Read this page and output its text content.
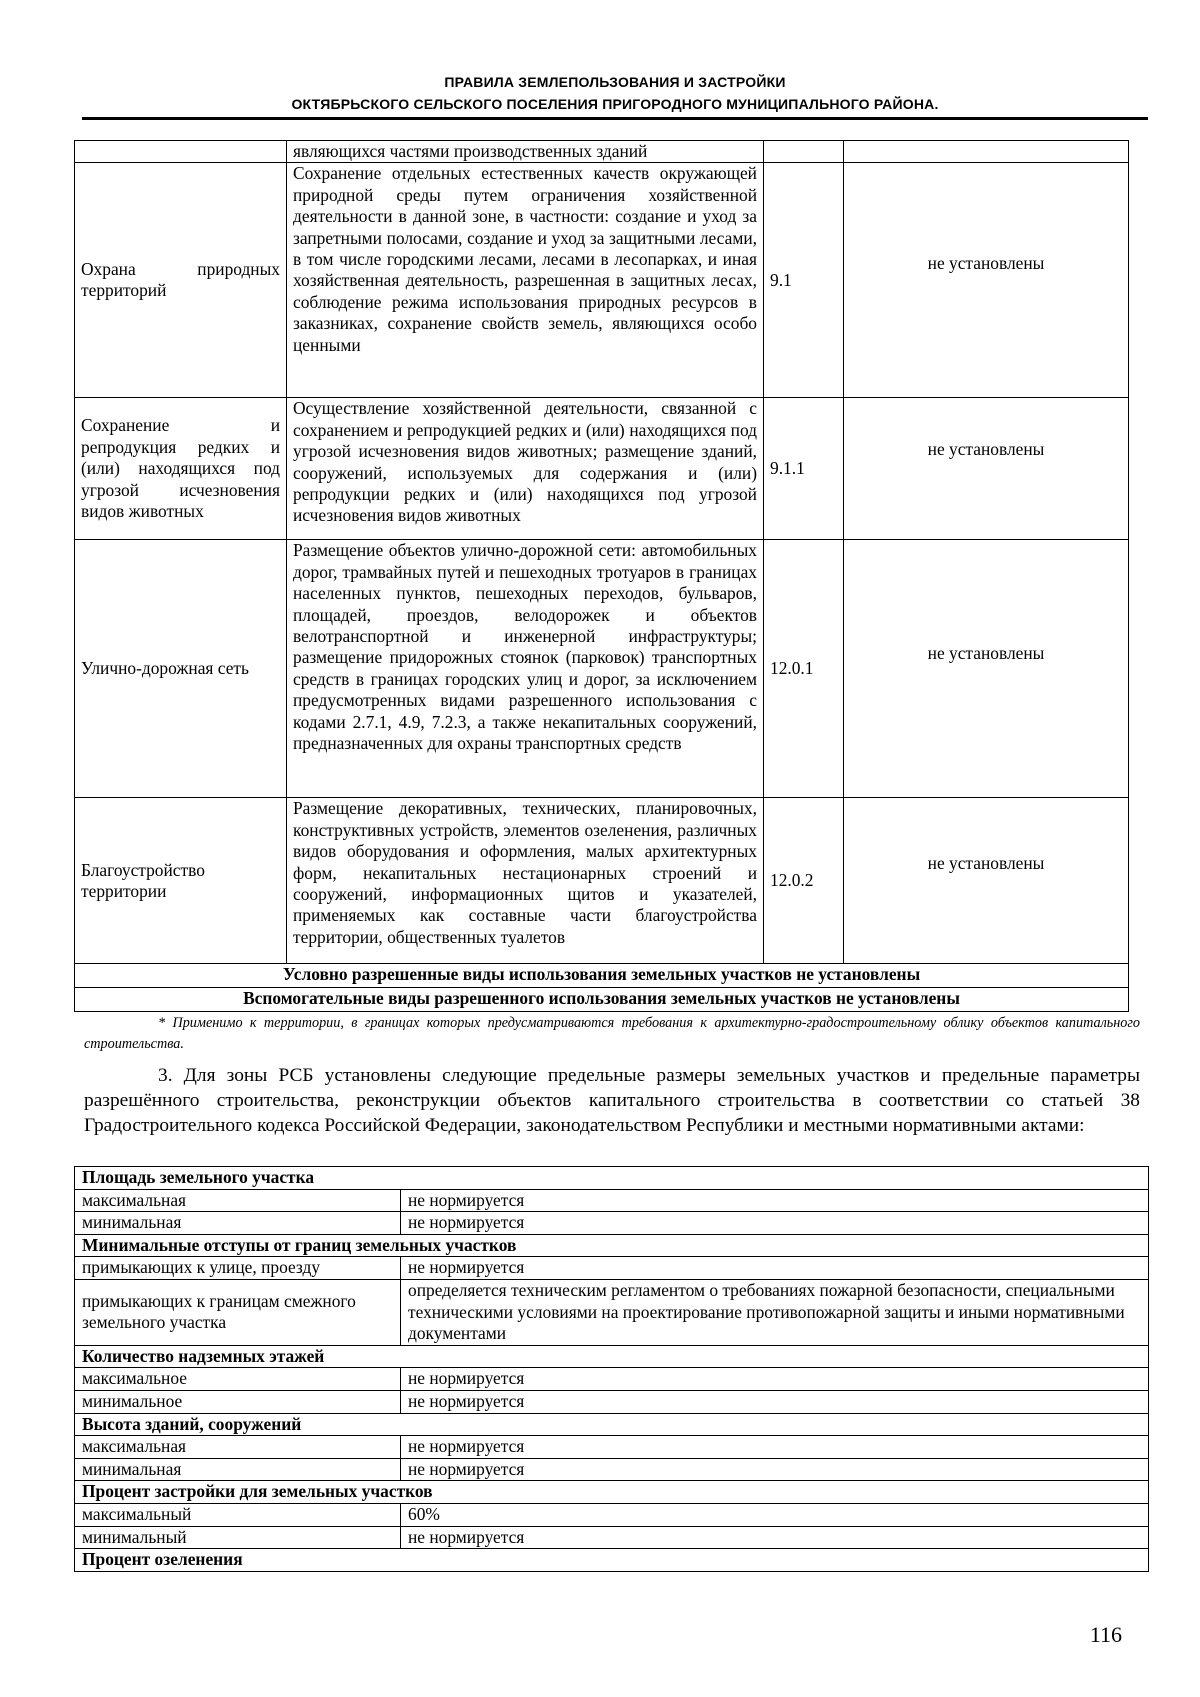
ПРАВИЛА ЗЕМЛЕПОЛЬЗОВАНИЯ И ЗАСТРОЙКИ
ОКТЯБРЬСКОГО СЕЛЬСКОГО ПОСЕЛЕНИЯ ПРИГОРОДНОГО МУНИЦИПАЛЬНОГО РАЙОНА.
	являющихся частями производственных зданий		
Охрана природных территорий	Сохранение отдельных естественных качеств окружающей природной среды путем ограничения хозяйственной деятельности в данной зоне, в частности: создание и уход за запретными полосами, создание и уход за защитными лесами, в том числе городскими лесами, лесами в лесопарках, и иная хозяйственная деятельность, разрешенная в защитных лесах, соблюдение режима использования природных ресурсов в заказниках, сохранение свойств земель, являющихся особо ценными	9.1	не установлены

Сохранение и репродукция редких и (или) находящихся под угрозой исчезновения видов животных	Осуществление хозяйственной деятельности, связанной с сохранением и репродукцией редких и (или) находящихся под угрозой исчезновения видов животных; размещение зданий, сооружений, используемых для содержания и (или) репродукции редких и (или) находящихся под угрозой исчезновения видов животных	9.1.1	не установлены

Улично-дорожная сеть	Размещение объектов улично-дорожной сети: автомобильных дорог, трамвайных путей и пешеходных тротуаров в границах населенных пунктов, пешеходных переходов, бульваров, площадей, проездов, велодорожек и объектов велотранспортной и инженерной инфраструктуры; размещение придорожных стоянок (парковок) транспортных средств в границах городских улиц и дорог, за исключением предусмотренных видами разрешенного использования с кодами 2.7.1, 4.9, 7.2.3, а также некапитальных сооружений, предназначенных для охраны транспортных средств	12.0.1	не установлены

Благоустройство территории	Размещение декоративных, технических, планировочных, конструктивных устройств, элементов озеленения, различных видов оборудования и оформления, малых архитектурных форм, некапитальных нестационарных строений и сооружений, информационных щитов и указателей, применяемых как составные части благоустройства территории, общественных туалетов	12.0.2	не установлены

Условно разрешенные виды использования земельных участков не установлены			
Вспомогательные виды разрешенного использования земельных участков не установлены			
* Применимо к территории, в границах которых предусматриваются требования к архитектурно-градостроительному облику объектов капитального строительства.
3. Для зоны РСБ установлены следующие предельные размеры земельных участков и предельные параметры разрешённого строительства, реконструкции объектов капитального строительства в соответствии со статьей 38 Градостроительного кодекса Российской Федерации, законодательством Республики и местными нормативными актами:
Площадь земельного участка	
максимальная	не нормируется
минимальная	не нормируется
Минимальные отступы от границ земельных участков	
примыкающих к улице, проезду	не нормируется
примыкающих к границам смежного земельного участка	определяется техническим регламентом о требованиях пожарной безопасности, специальными техническими условиями на проектирование противопожарной защиты и иными нормативными документами
Количество надземных этажей	
максимальное	не нормируется
минимальное	не нормируется
Высота зданий, сооружений	
максимальная	не нормируется
минимальная	не нормируется
Процент застройки для земельных участков	
максимальный	60%
минимальный	не нормируется
Процент озеленения	
116
